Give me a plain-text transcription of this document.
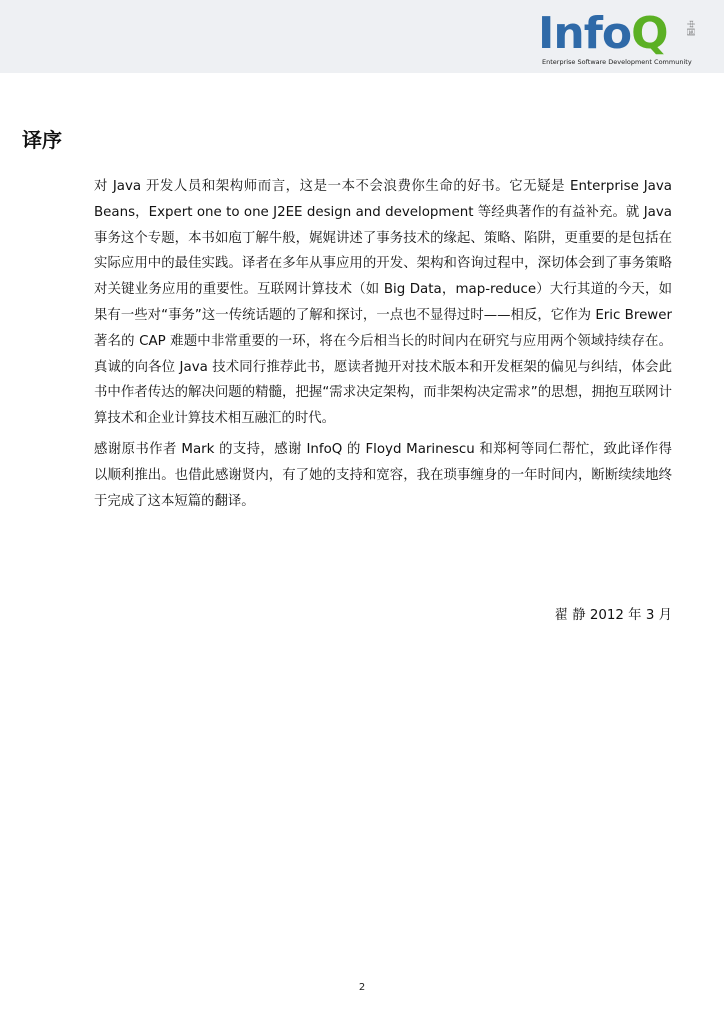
InfoQ 中国
Enterprise Software Development Community
译序

对 Java 开发人员和架构师而言，这是一本不会浪费你生命的好书。它无疑是 Enterprise Java Beans，Expert one to one J2EE design and development 等经典著作的有益补充。就 Java 事务这个专题，本书如庖丁解牛般，娓娓讲述了事务技术的缘起、策略、陷阱，更重要的是包括在实际应用中的最佳实践。译者在多年从事应用的开发、架构和咨询过程中，深切体会到了事务策略对关键业务应用的重要性。互联网计算技术（如 Big Data，map-reduce）大行其道的今天，如果有一些对“事务”这一传统话题的了解和探讨，一点也不显得过时——相反，它作为 Eric Brewer 著名的 CAP 难题中非常重要的一环，将在今后相当长的时间内在研究与应用两个领域持续存在。真诚的向各位 Java 技术同行推荐此书，愿读者抛开对技术版本和开发框架的偏见与纠结，体会此书中作者传达的解决问题的精髓，把握“需求决定架构，而非架构决定需求”的思想，拥抱互联网计算技术和企业计算技术相互融汇的时代。

感谢原书作者 Mark 的支持，感谢 InfoQ 的 Floyd Marinescu 和郑柯等同仁帮忙，致此译作得以顺利推出。也借此感谢贤内，有了她的支持和宽容，我在琐事缠身的一年时间内，断断续续地终于完成了这本短篇的翻译。

翟 静 2012 年 3 月
2
